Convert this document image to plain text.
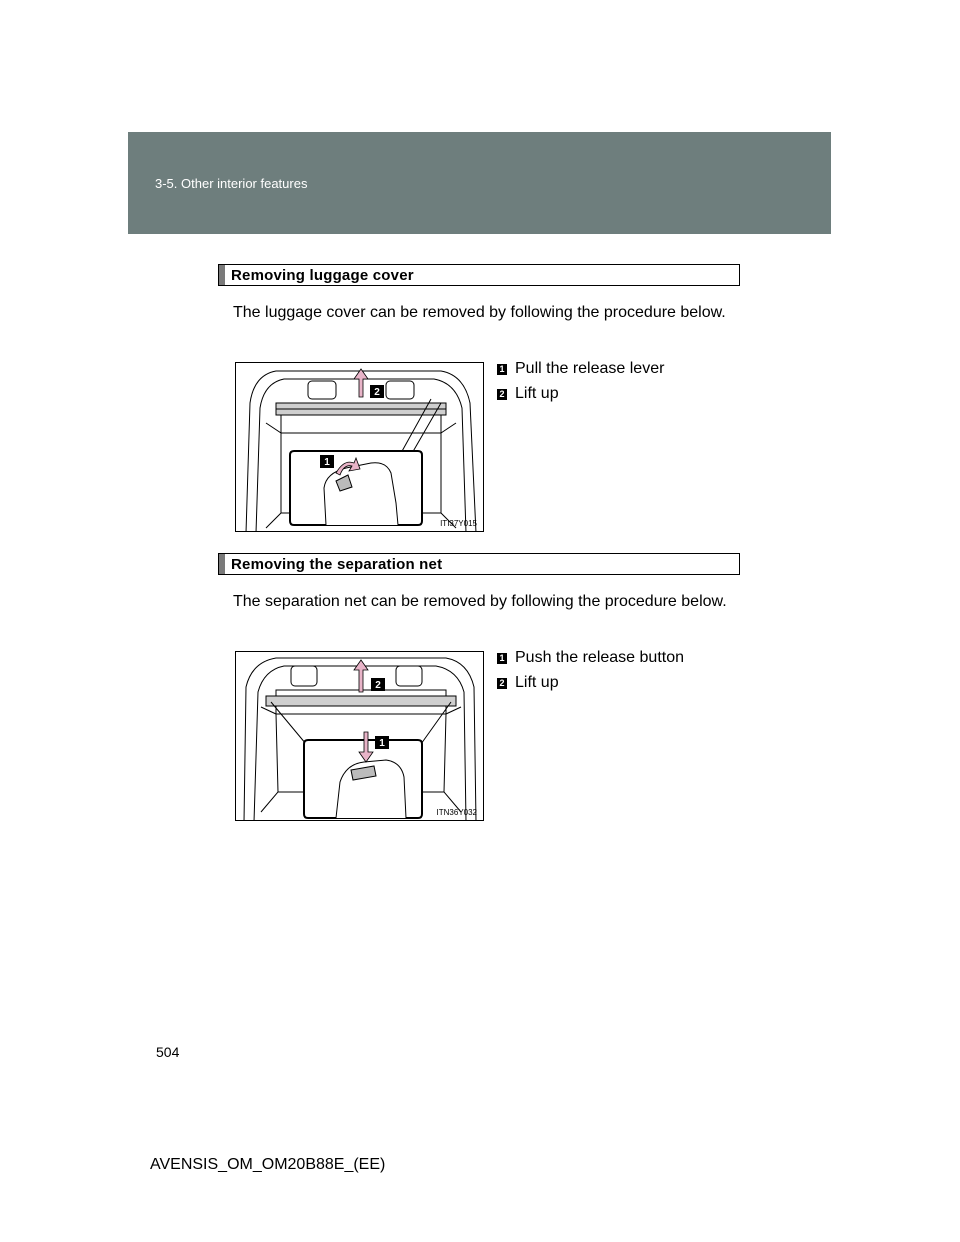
3-5. Other interior features
Removing luggage cover
The luggage cover can be removed by following the procedure below.
2
1
ITI37Y015
1 Pull the release lever
2 Lift up
Removing the separation net
The separation net can be removed by following the procedure below.
2
1
ITN36Y032
1 Push the release button
2 Lift up
504
AVENSIS_OM_OM20B88E_(EE)
